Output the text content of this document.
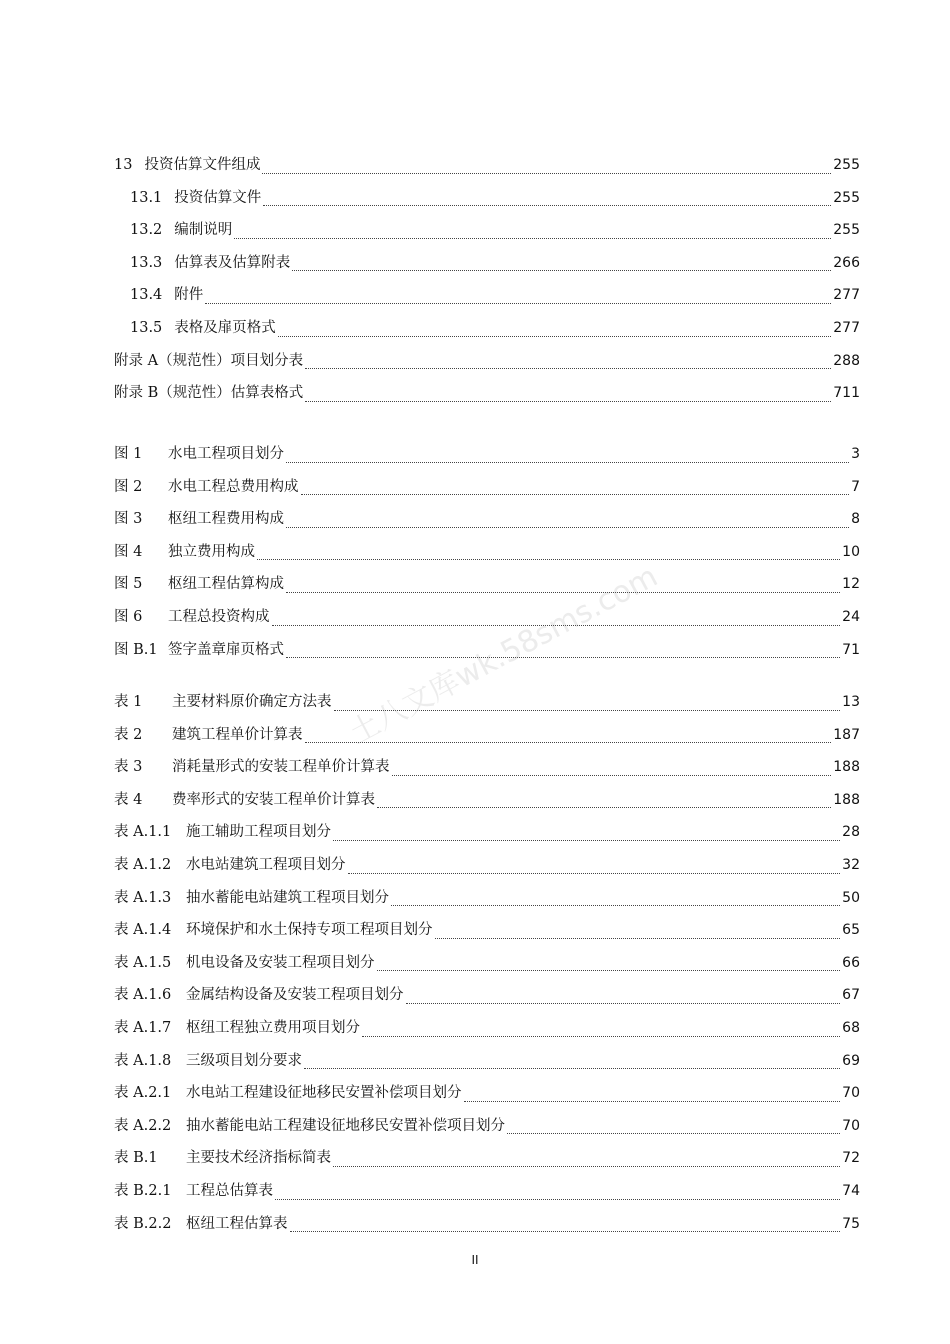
13 投资估算文件组成	255
13.1 投资估算文件	255
13.2 编制说明	255
13.3 估算表及估算附表	266
13.4 附件	277
13.5 表格及扉页格式	277
附录 A （规范性）项目划分表	288
附录 B （规范性）估算表格式	711
图 1	水电工程项目划分	3
图 2	水电工程总费用构成	7
图 3	枢纽工程费用构成	8
图 4	独立费用构成	10
图 5	枢纽工程估算构成	12
图 6	工程总投资构成	24
图 B.1 签字盖章扉页格式	71
表 1	主要材料原价确定方法表	13
表 2	建筑工程单价计算表	187
表 3	消耗量形式的安装工程单价计算表	188
表 4	费率形式的安装工程单价计算表	188
表 A.1.1 施工辅助工程项目划分	28
表 A.1.2 水电站建筑工程项目划分	32
表 A.1.3 抽水蓄能电站建筑工程项目划分	50
表 A.1.4 环境保护和水土保持专项工程项目划分	65
表 A.1.5 机电设备及安装工程项目划分	66
表 A.1.6 金属结构设备及安装工程项目划分	67
表 A.1.7 枢纽工程独立费用项目划分	68
表 A.1.8 三级项目划分要求	69
表 A.2.1 水电站工程建设征地移民安置补偿项目划分	70
表 A.2.2 抽水蓄能电站工程建设征地移民安置补偿项目划分	70
表 B.1	主要技术经济指标简表	72
表 B.2.1 工程总估算表	74
表 B.2.2 枢纽工程估算表	75
土八文库wk.58sms.com
II
